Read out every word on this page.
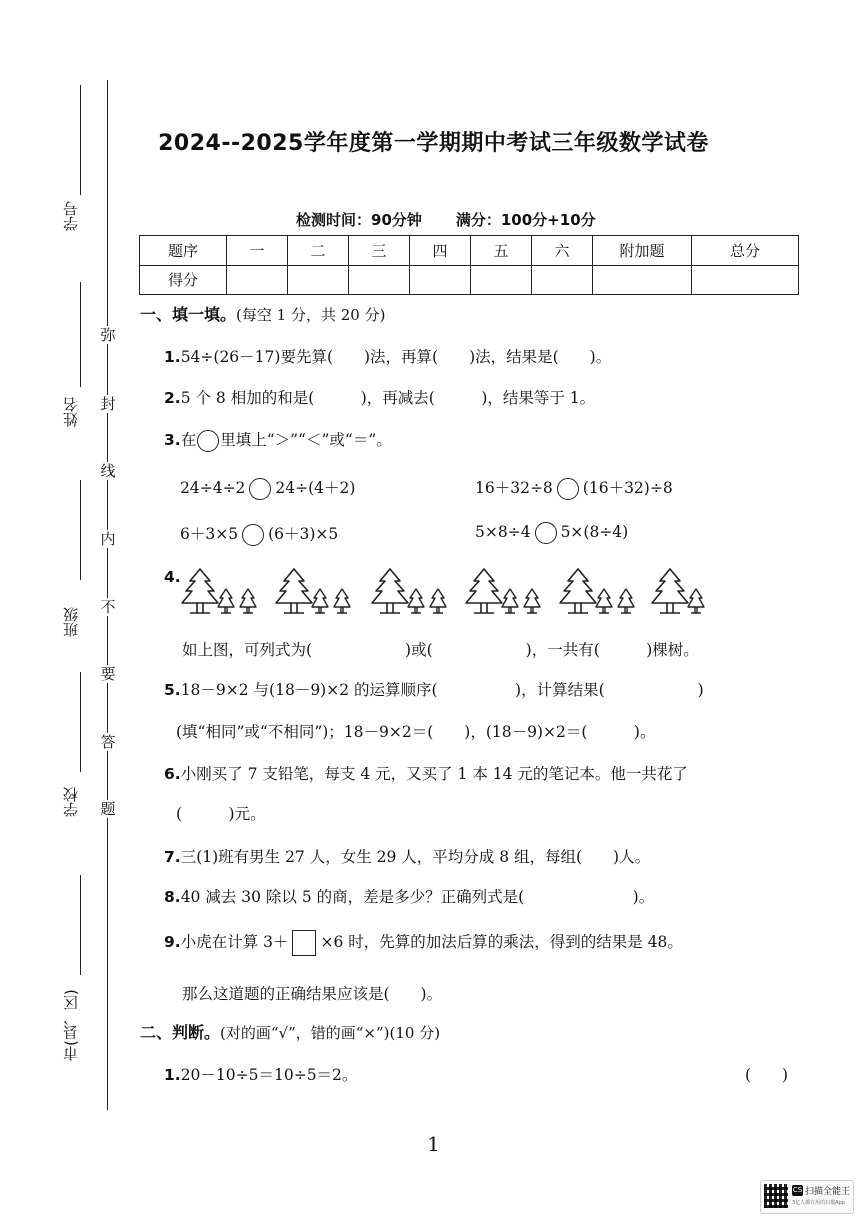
学号
姓名
班级
学校
市(县、区)
弥
封
线
内
不
要
答
题
2024--2025学年度第一学期期中考试三年级数学试卷
检测时间：90分钟 满分：100分+10分
题序	一	二	三	四	五	六	附加题	总分
得分								
一、填一填。(每空 1 分，共 20 分)
1.54÷(26－17)要先算(　　)法，再算(　　)法，结果是(　　)。
2.5 个 8 相加的和是(　　　)，再减去(　　　)，结果等于 1。
3.在 里填上“＞”“＜”或“＝”。
24÷4÷2 24÷(4＋2)	16＋32÷8 (16＋32)÷8
6＋3×5 (6＋3)×5	5×8÷4 5×(8÷4)
4.
如上图，可列式为(　　　　　　)或(　　　　　　)，一共有(　　　)棵树。
5.18－9×2 与(18－9)×2 的运算顺序(　　　　　)，计算结果(　　　　　　)
(填“相同”或“不相同”)；18－9×2＝(　　)，(18－9)×2＝(　　　)。
6.小刚买了 7 支铅笔，每支 4 元，又买了 1 本 14 元的笔记本。他一共花了
(　　　)元。
7.三(1)班有男生 27 人，女生 29 人，平均分成 8 组，每组(　　)人。
8.40 减去 30 除以 5 的商，差是多少？正确列式是(　　　　　　　)。
9.小虎在计算 3＋ ×6 时，先算的加法后算的乘法，得到的结果是 48。
那么这道题的正确结果应该是(　　)。
二、判断。(对的画“√”，错的画“×”)(10 分)
1.20－10÷5＝10÷5＝2。	(　　)
1
CS 扫描全能王
3亿人都在用的扫描App
